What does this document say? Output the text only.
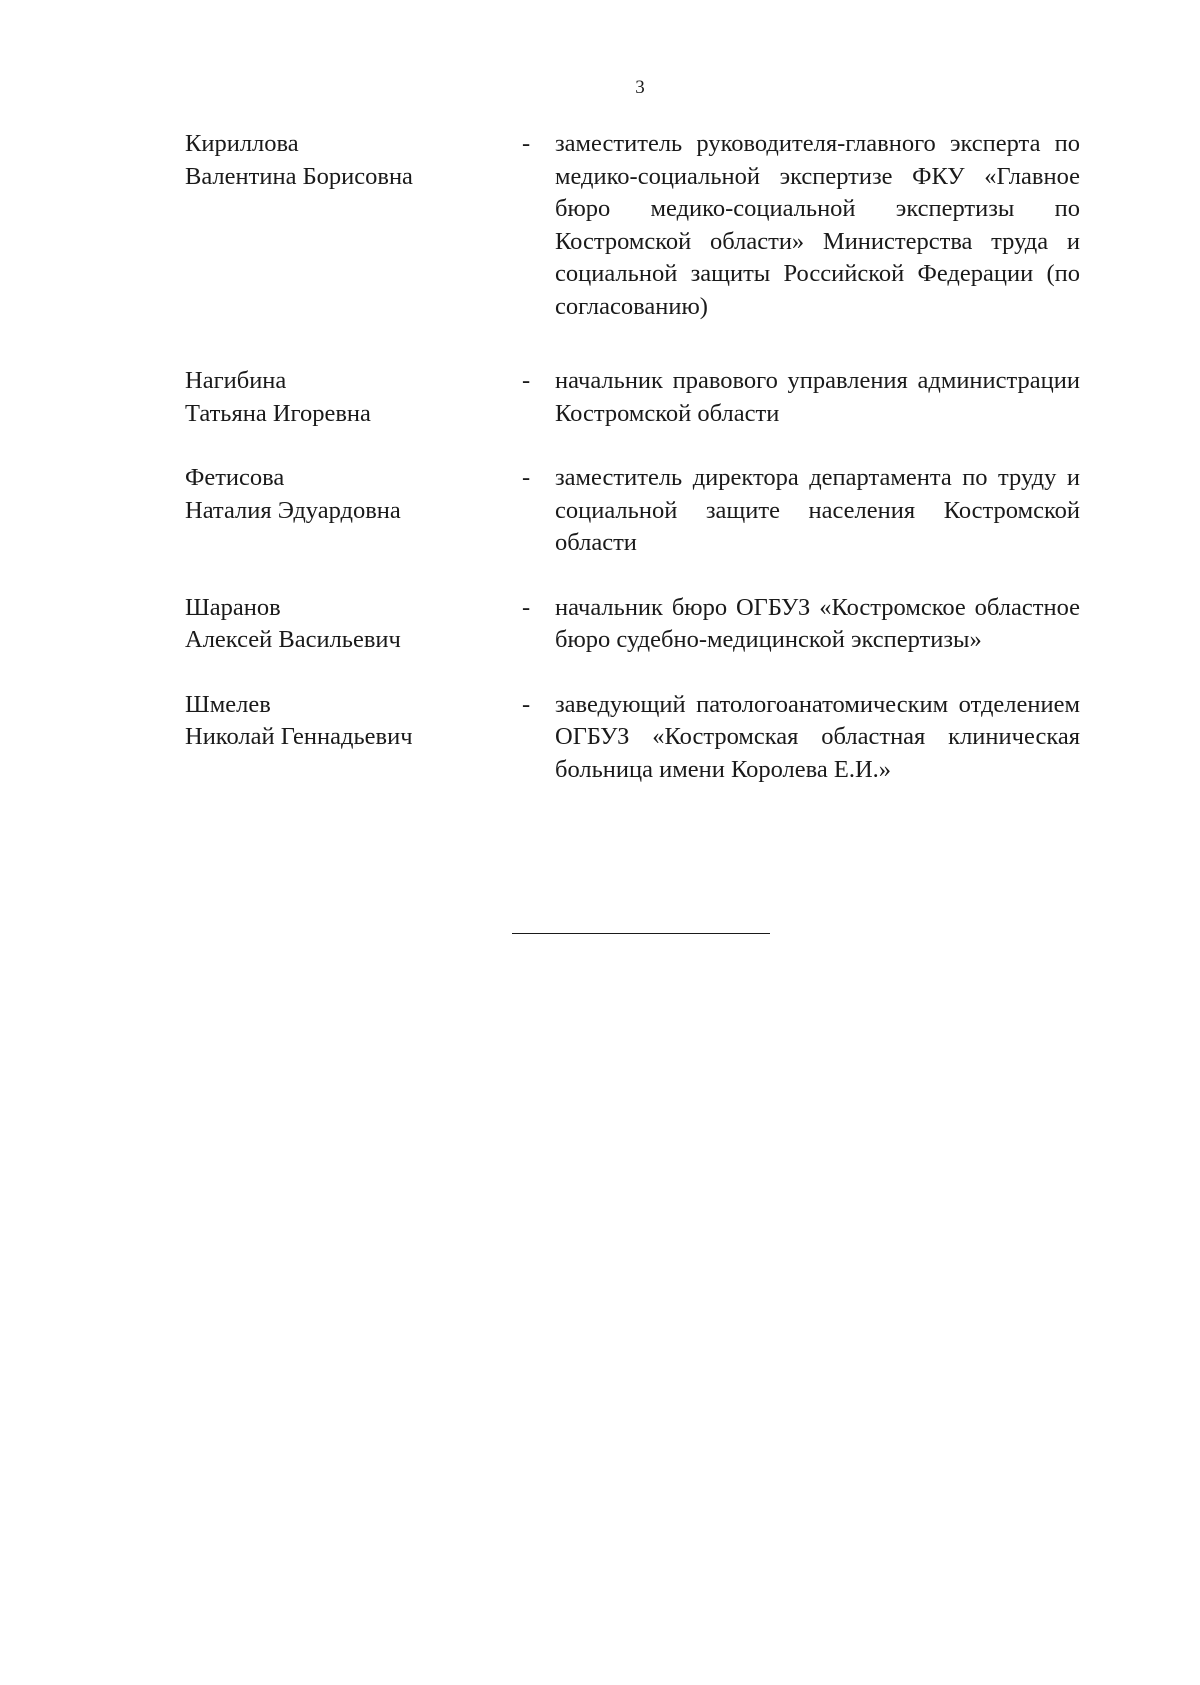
3
Кириллова
Валентина Борисовна
- заместитель руководителя-главного эксперта по медико-социальной экспертизе ФКУ «Главное бюро медико-социальной экспертизы по Костромской области» Министерства труда и социальной защиты Российской Федерации (по согласованию)
Нагибина
Татьяна Игоревна
- начальник правового управления администрации Костромской области
Фетисова
Наталия Эдуардовна
- заместитель директора департамента по труду и социальной защите населения Костромской области
Шаранов
Алексей Васильевич
- начальник бюро ОГБУЗ «Костромское областное бюро судебно-медицинской экспертизы»
Шмелев
Николай Геннадьевич
- заведующий патологоанатомическим отделением ОГБУЗ «Костромская областная клиническая больница имени Королева Е.И.»
